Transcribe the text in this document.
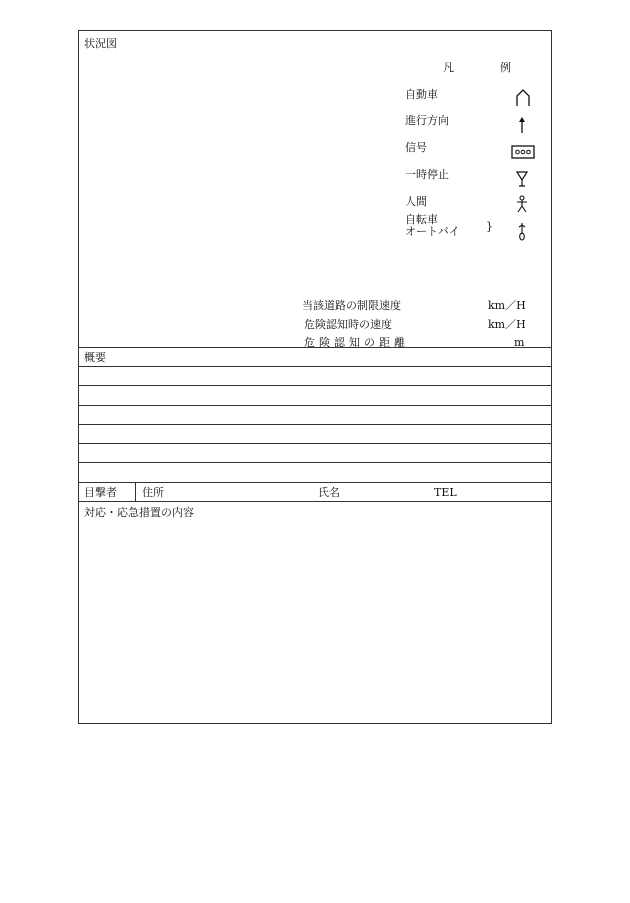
状況図
凡	例
自動車
進行方向
信号
一時停止
人間
自転車
オートバイ }
当該道路の制限速度	km／H
危険認知時の速度	km／H
危険認知の距離	m
概要
目撃者 住所	氏名	TEL
対応・応急措置の内容
